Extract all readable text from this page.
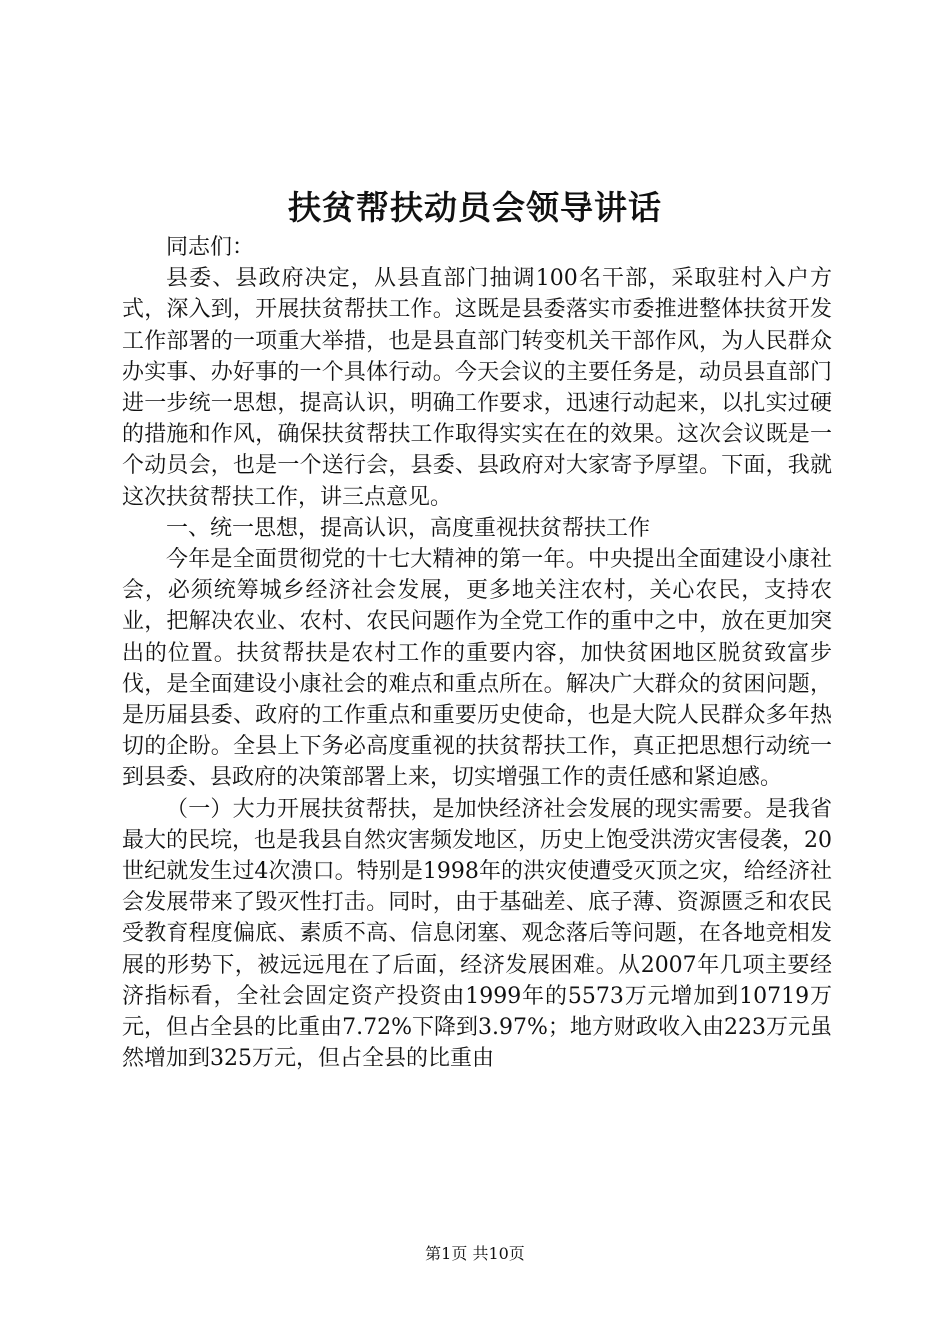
扶贫帮扶动员会领导讲话

同志们：

县委、县政府决定，从县直部门抽调100名干部，采取驻村入户方式，深入到，开展扶贫帮扶工作。这既是县委落实市委推进整体扶贫开发工作部署的一项重大举措，也是县直部门转变机关干部作风，为人民群众办实事、办好事的一个具体行动。今天会议的主要任务是，动员县直部门进一步统一思想，提高认识，明确工作要求，迅速行动起来，以扎实过硬的措施和作风，确保扶贫帮扶工作取得实实在在的效果。这次会议既是一个动员会，也是一个送行会，县委、县政府对大家寄予厚望。下面，我就这次扶贫帮扶工作，讲三点意见。

一、统一思想，提高认识，高度重视扶贫帮扶工作

今年是全面贯彻党的十七大精神的第一年。中央提出全面建设小康社会，必须统筹城乡经济社会发展，更多地关注农村，关心农民，支持农业，把解决农业、农村、农民问题作为全党工作的重中之中，放在更加突出的位置。扶贫帮扶是农村工作的重要内容，加快贫困地区脱贫致富步伐，是全面建设小康社会的难点和重点所在。解决广大群众的贫困问题，是历届县委、政府的工作重点和重要历史使命，也是大院人民群众多年热切的企盼。全县上下务必高度重视的扶贫帮扶工作，真正把思想行动统一到县委、县政府的决策部署上来，切实增强工作的责任感和紧迫感。

（一）大力开展扶贫帮扶，是加快经济社会发展的现实需要。是我省最大的民垸，也是我县自然灾害频发地区，历史上饱受洪涝灾害侵袭，20世纪就发生过4次溃口。特别是1998年的洪灾使遭受灭顶之灾，给经济社会发展带来了毁灭性打击。同时，由于基础差、底子薄、资源匮乏和农民受教育程度偏底、素质不高、信息闭塞、观念落后等问题，在各地竞相发展的形势下，被远远甩在了后面，经济发展困难。从2007年几项主要经济指标看，全社会固定资产投资由1999年的5573万元增加到10719万元，但占全县的比重由7.72%下降到3.97%；地方财政收入由223万元虽然增加到325万元，但占全县的比重由

第1页 共10页
